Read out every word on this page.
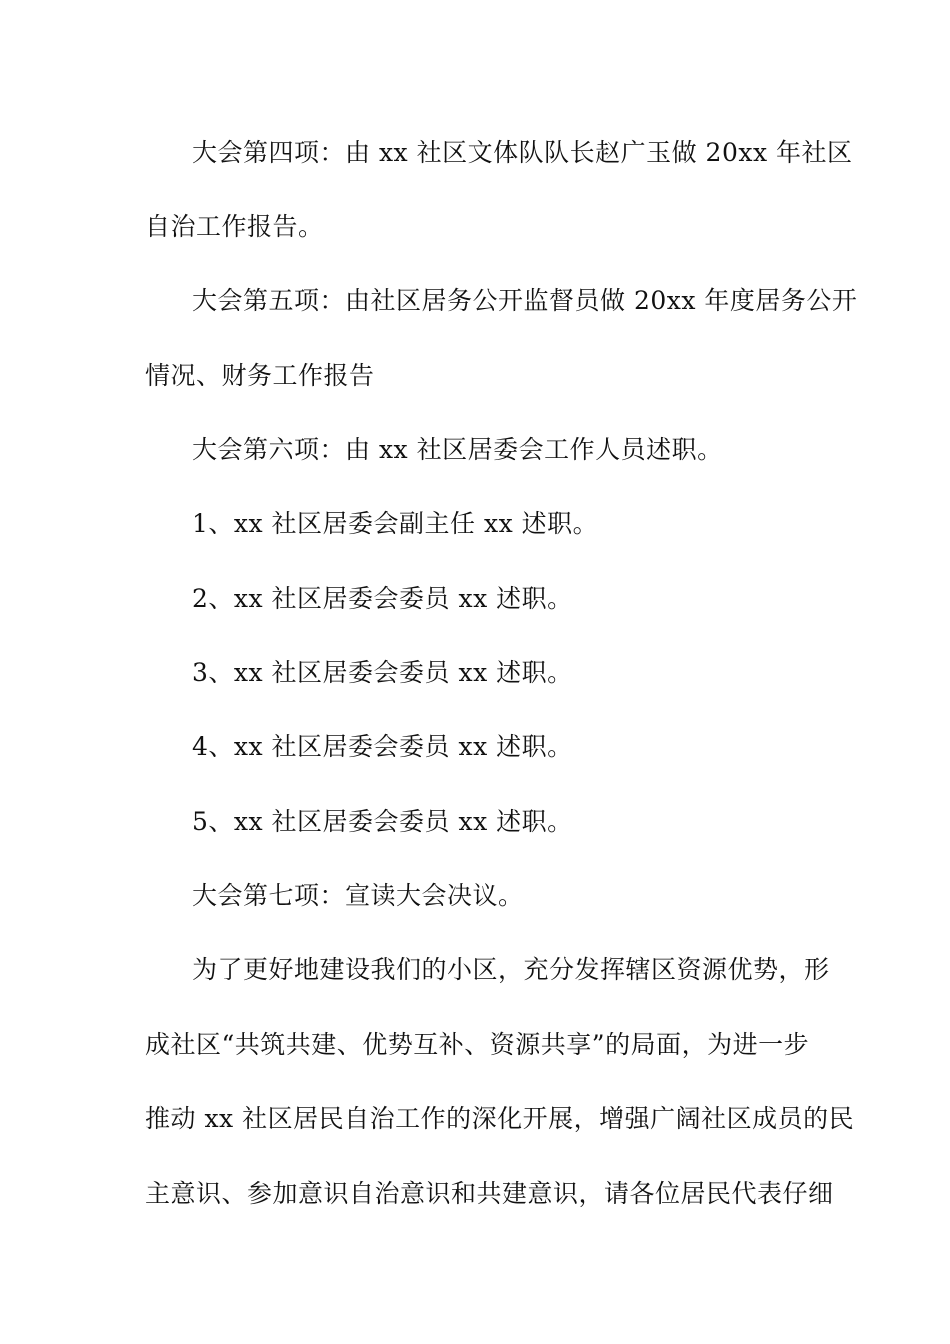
大会第四项：由 xx 社区文体队队长赵广玉做 20xx 年社区
自治工作报告。
大会第五项：由社区居务公开监督员做 20xx 年度居务公开
情况、财务工作报告
大会第六项：由 xx 社区居委会工作人员述职。
1、xx 社区居委会副主任 xx 述职。
2、xx 社区居委会委员 xx 述职。
3、xx 社区居委会委员 xx 述职。
4、xx 社区居委会委员 xx 述职。
5、xx 社区居委会委员 xx 述职。
大会第七项：宣读大会决议。
为了更好地建设我们的小区，充分发挥辖区资源优势，形
成社区“共筑共建、优势互补、资源共享”的局面，为进一步
推动 xx 社区居民自治工作的深化开展，增强广阔社区成员的民
主意识、参加意识自治意识和共建意识，请各位居民代表仔细
